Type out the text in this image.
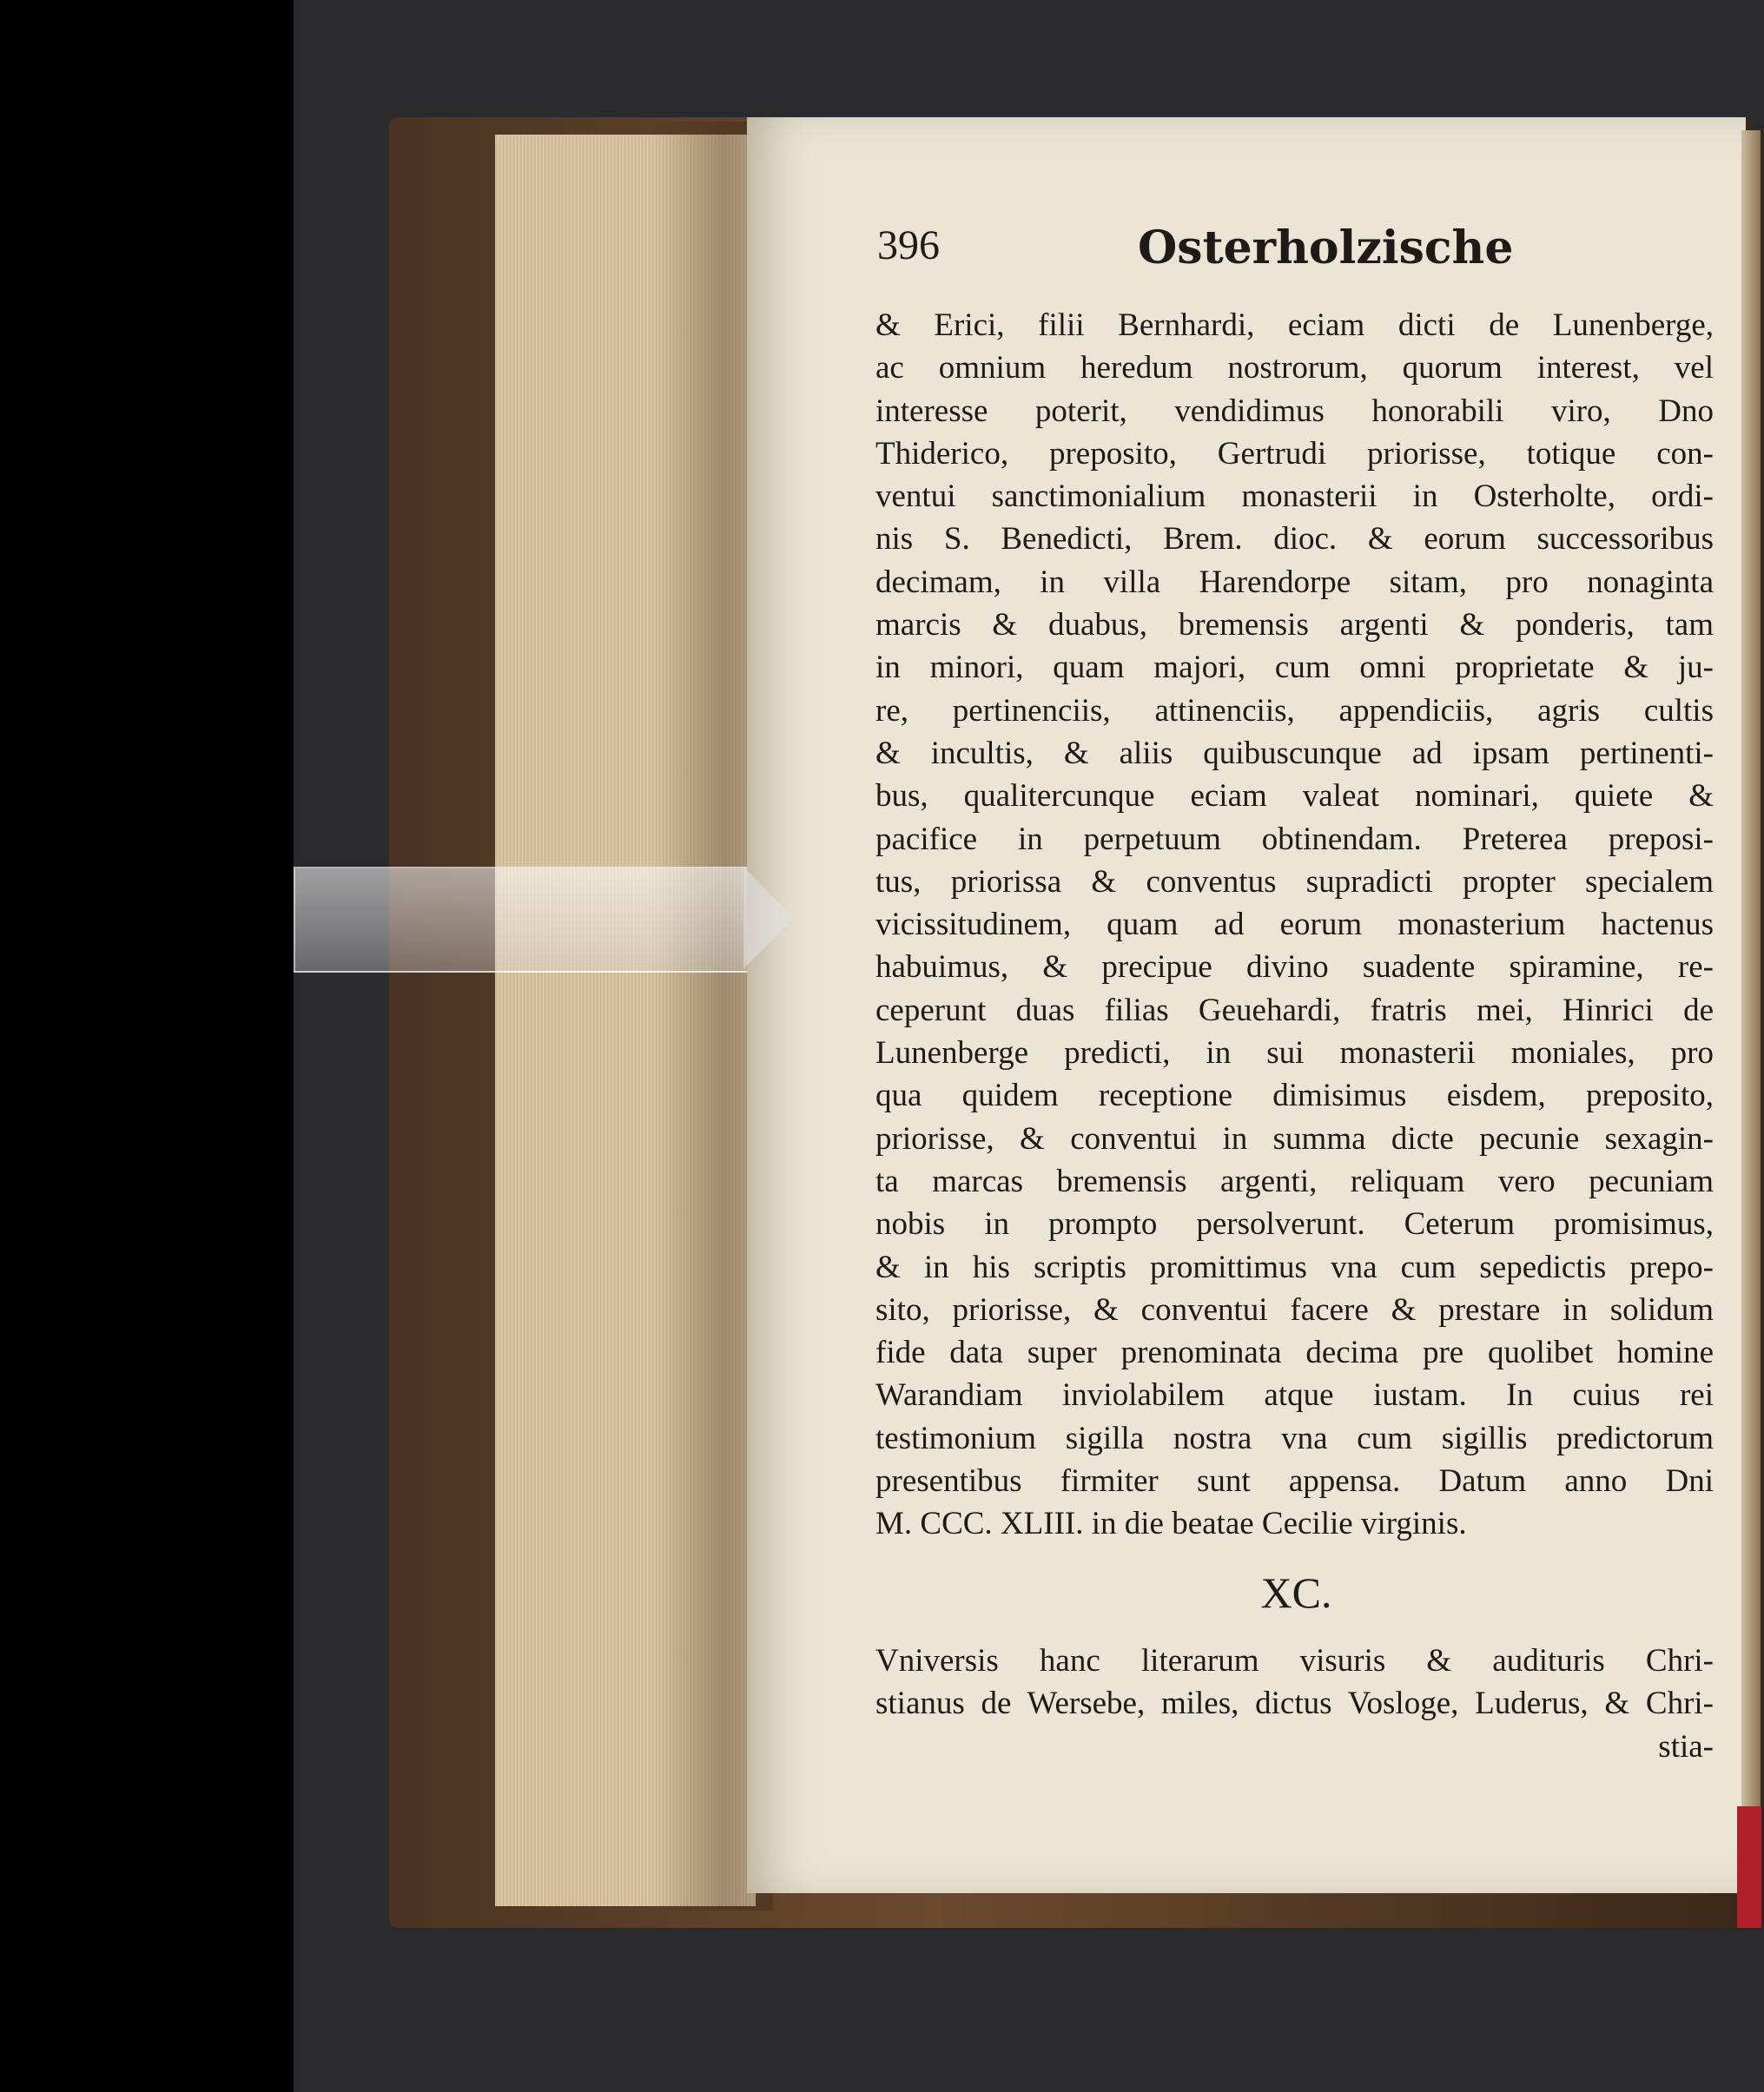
396	Osterholzische
& Erici, filii Bernhardi, eciam dicti de Lunenberge,
ac omnium heredum nostrorum, quorum interest, vel
interesse poterit, vendidimus honorabili viro, Dno
Thiderico, preposito, Gertrudi priorisse, totique con-
ventui sanctimonialium monasterii in Osterholte, ordi-
nis S. Benedicti, Brem. dioc. & eorum successoribus
decimam, in villa Harendorpe sitam, pro nonaginta
marcis & duabus, bremensis argenti & ponderis, tam
in minori, quam majori, cum omni proprietate & ju-
re, pertinenciis, attinenciis, appendiciis, agris cultis
& incultis, & aliis quibuscunque ad ipsam pertinenti-
bus, qualitercunque eciam valeat nominari, quiete &
pacifice in perpetuum obtinendam. Preterea preposi-
tus, priorissa & conventus supradicti propter specialem
vicissitudinem, quam ad eorum monasterium hactenus
habuimus, & precipue divino suadente spiramine, re-
ceperunt duas filias Geuehardi, fratris mei, Hinrici de
Lunenberge predicti, in sui monasterii moniales, pro
qua quidem receptione dimisimus eisdem, preposito,
priorisse, & conventui in summa dicte pecunie sexagin-
ta marcas bremensis argenti, reliquam vero pecuniam
nobis in prompto persolverunt. Ceterum promisimus,
& in his scriptis promittimus vna cum sepedictis prepo-
sito, priorisse, & conventui facere & prestare in solidum
fide data super prenominata decima pre quolibet homine
Warandiam inviolabilem atque iustam. In cuius rei
testimonium sigilla nostra vna cum sigillis predictorum
presentibus firmiter sunt appensa. Datum anno Dni
M. CCC. XLIII. in die beatae Cecilie virginis.
XC.
Vniversis hanc literarum visuris & audituris Chri-
stianus de Wersebe, miles, dictus Vosloge, Luderus, & Chri-
stia-
